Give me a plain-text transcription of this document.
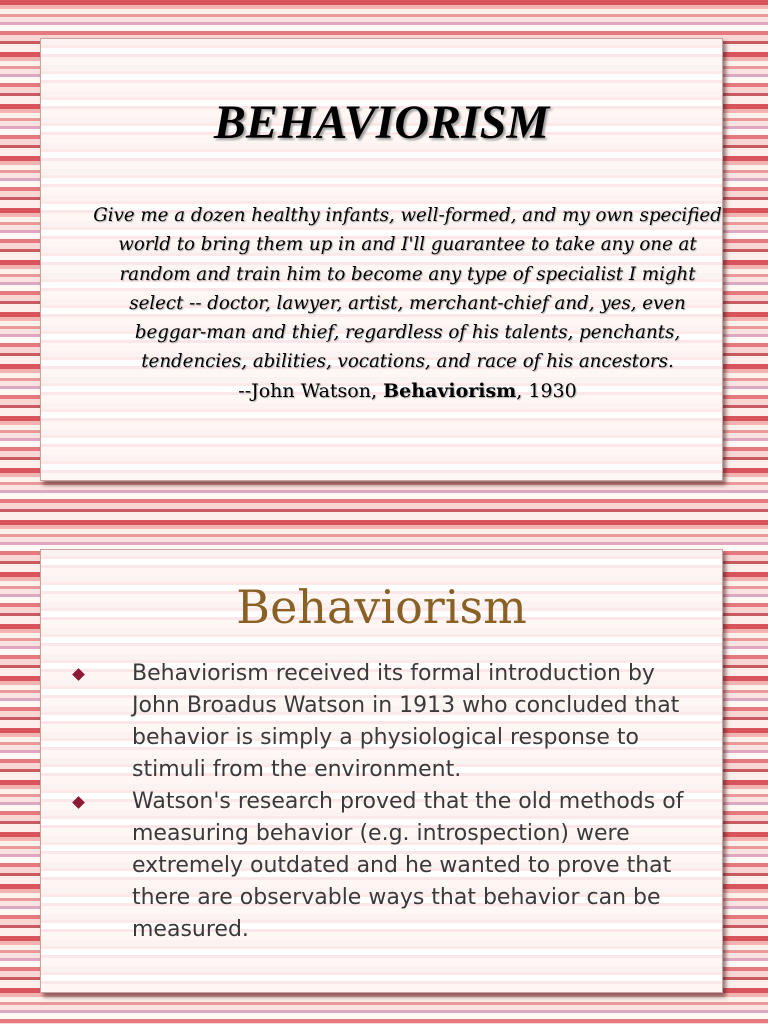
BEHAVIORISM
Give me a dozen healthy infants, well-formed, and my own specified world to bring them up in and I'll guarantee to take any one at random and train him to become any type of specialist I might select -- doctor, lawyer, artist, merchant-chief and, yes, even beggar-man and thief, regardless of his talents, penchants, tendencies, abilities, vocations, and race of his ancestors.
--John Watson, Behaviorism, 1930
Behaviorism
Behaviorism received its formal introduction by John Broadus Watson in 1913 who concluded that behavior is simply a physiological response to stimuli from the environment.
Watson's research proved that the old methods of measuring behavior (e.g. introspection) were extremely outdated and he wanted to prove that there are observable ways that behavior can be measured.
